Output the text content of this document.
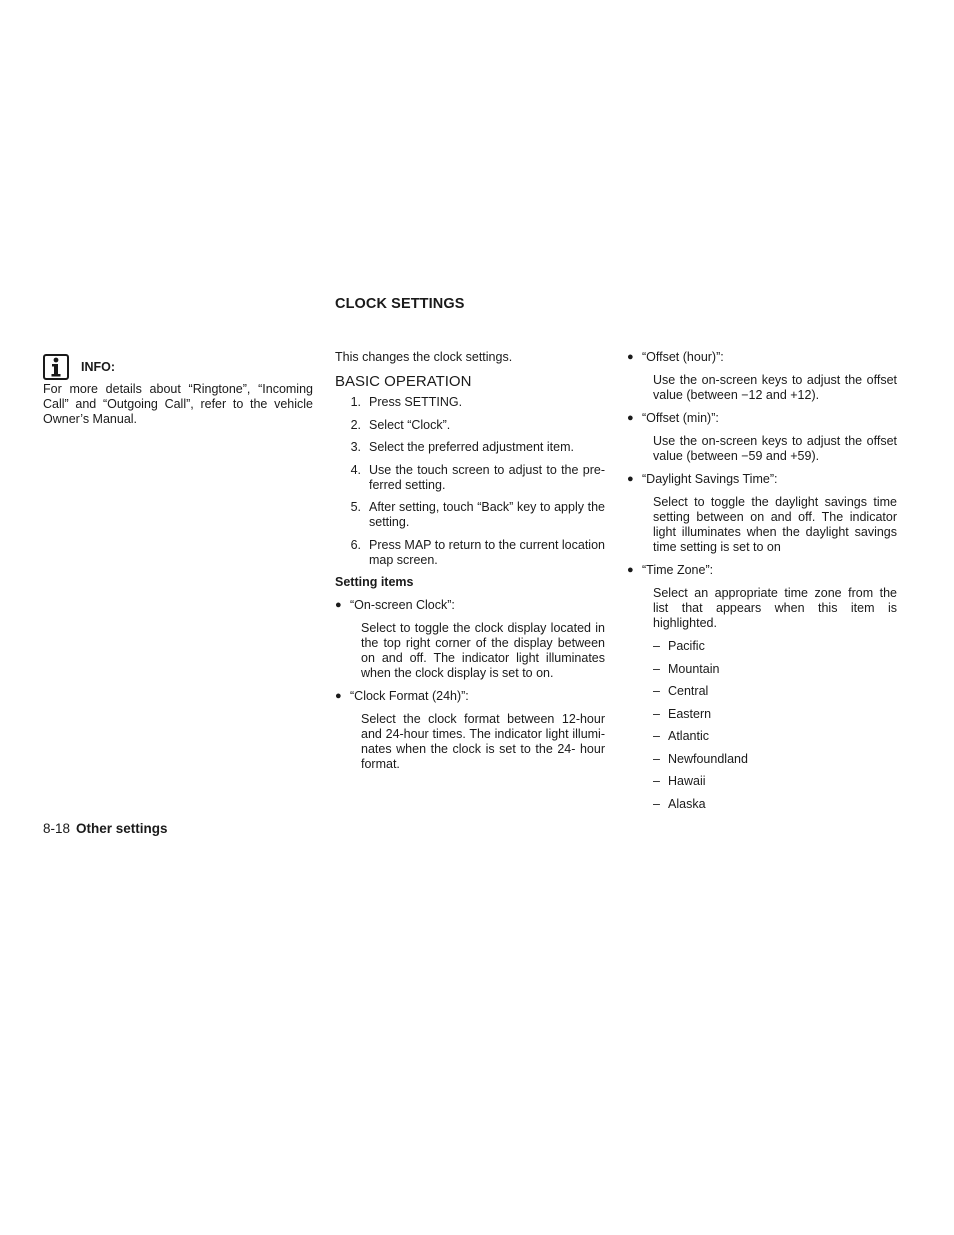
CLOCK SETTINGS
INFO:
For more details about “Ringtone”, “Incoming Call” and “Outgoing Call”, refer to the vehicle Owner’s Manual.

This changes the clock settings.

BASIC OPERATION
1. Press SETTING.
2. Select “Clock”.
3. Select the preferred adjustment item.
4. Use the touch screen to adjust to the pre-ferred setting.
5. After setting, touch “Back” key to apply the setting.
6. Press MAP to return to the current location map screen.
Setting items
● “On-screen Clock”:
Select to toggle the clock display located in the top right corner of the display between on and off. The indicator light illuminates when the clock display is set to on.
● “Clock Format (24h)”:
Select the clock format between 12-hour and 24-hour times. The indicator light illumi-nates when the clock is set to the 24- hour format.
● “Offset (hour)”:
Use the on-screen keys to adjust the offset value (between −12 and +12).
● “Offset (min)”:
Use the on-screen keys to adjust the offset value (between −59 and +59).
● “Daylight Savings Time”:
Select to toggle the daylight savings time setting between on and off. The indicator light illuminates when the daylight savings time setting is set to on
● “Time Zone”:
Select an appropriate time zone from the list that appears when this item is highlighted.
– Pacific
– Mountain
– Central
– Eastern
– Atlantic
– Newfoundland
– Hawaii
– Alaska
8-18 Other settings
